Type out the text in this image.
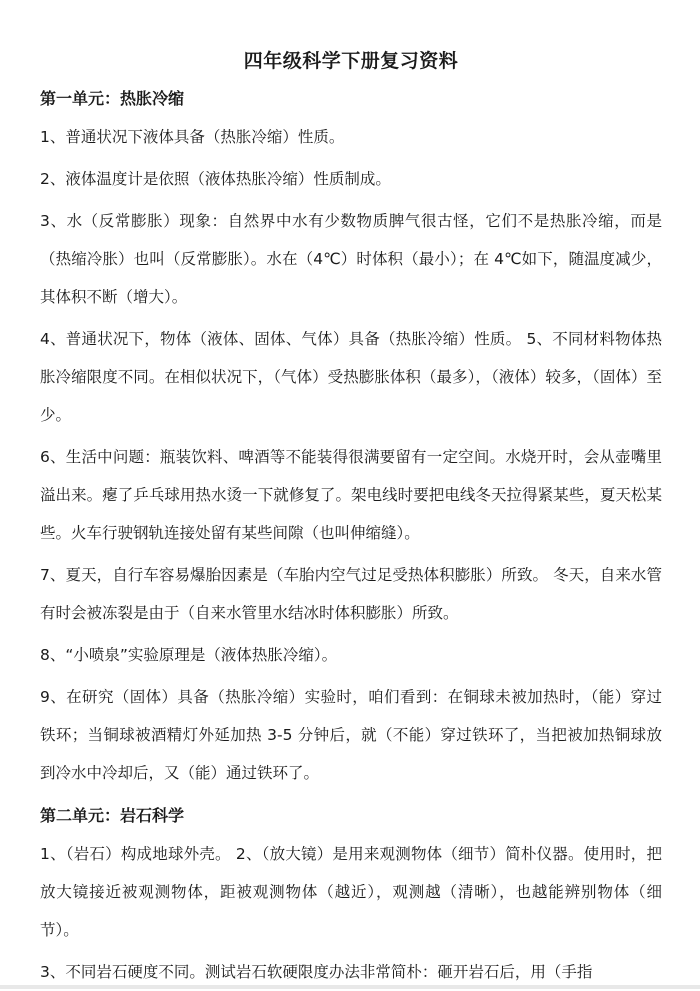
四年级科学下册复习资料
第一单元：热胀冷缩

1、普通状况下液体具备（热胀冷缩）性质。

2、液体温度计是依照（液体热胀冷缩）性质制成。

3、水（反常膨胀）现象：自然界中水有少数物质脾气很古怪，它们不是热胀冷缩，而是（热缩冷胀）也叫（反常膨胀）。水在（4℃）时体积（最小）；在 4℃如下，随温度减少，其体积不断（增大）。

4、普通状况下，物体（液体、固体、气体）具备（热胀冷缩）性质。 5、不同材料物体热胀冷缩限度不同。在相似状况下，（气体）受热膨胀体积（最多），（液体）较多，（固体）至少。

6、生活中问题：瓶装饮料、啤酒等不能装得很满要留有一定空间。水烧开时，会从壶嘴里溢出来。瘪了乒乓球用热水烫一下就修复了。架电线时要把电线冬天拉得紧某些，夏天松某些。火车行驶钢轨连接处留有某些间隙（也叫伸缩缝）。

7、夏天，自行车容易爆胎因素是（车胎内空气过足受热体积膨胀）所致。 冬天，自来水管有时会被冻裂是由于（自来水管里水结冰时体积膨胀）所致。

8、“小喷泉”实验原理是（液体热胀冷缩）。

9、在研究（固体）具备（热胀冷缩）实验时，咱们看到：在铜球未被加热时，（能）穿过铁环；当铜球被酒精灯外延加热 3-5 分钟后，就（不能）穿过铁环了，当把被加热铜球放到冷水中冷却后，又（能）通过铁环了。

第二单元：岩石科学

1、（岩石）构成地球外壳。 2、（放大镜）是用来观测物体（细节）简朴仪器。使用时，把放大镜接近被观测物体，距被观测物体（越近），观测越（清晰），也越能辨别物体（细节）。

3、不同岩石硬度不同。测试岩石软硬限度办法非常简朴：砸开岩石后，用（手指
